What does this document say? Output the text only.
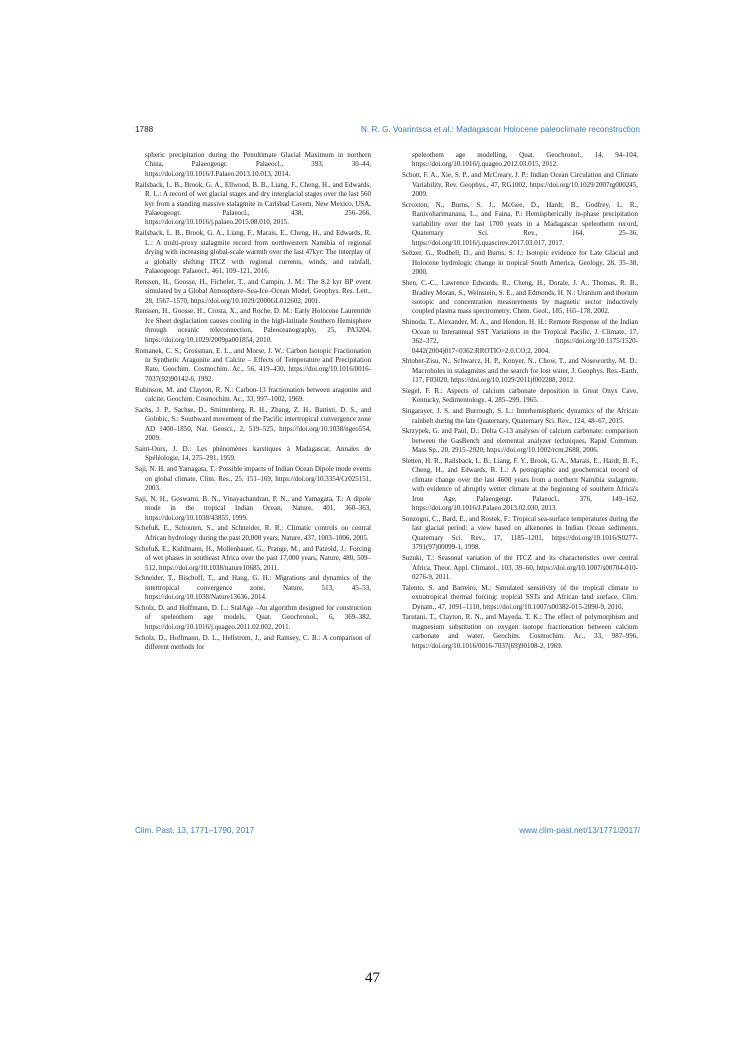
1788	N. R. G. Voarintsoa et al.: Madagascar Holocene paleoclimate reconstruction

spheric precipitation during the Penultimate Glacial Maximum in northern China, Palaeogeogr. Palaeocl., 393, 30–44, https://doi.org/10.1016/J.Palaeo.2013.10.013, 2014.

Railsback, L. B., Brook, G. A., Ellwood, B. B., Liang, F., Cheng, H., and Edwards, R. L.: A record of wet glacial stages and dry interglacial stages over the last 560 kyr from a standing massive stalagmite in Carlsbad Cavern, New Mexico, USA, Palaeogeogr. Palaeocl., 438, 256–266, https://doi.org/10.1016/j.palaeo.2015.08.010, 2015.

Railsback, L. B., Brook, G. A., Liang, F., Marais, E., Cheng, H., and Edwards, R. L.: A multi-proxy stalagmite record from northwestern Namibia of regional drying with increasing global-scale warmth over the last 47kyr: The interplay of a globally shifting ITCZ with regional currents, winds, and rainfall, Palaeogeogr. Palaeocl., 461, 109–121, 2016.

Renssen, H., Goosse, H., Fichefet, T., and Campin, J. M.: The 8.2 kyr BP event simulated by a Global Atmosphere–Sea-Ice–Ocean Model, Geophys. Res. Lett., 28, 1567–1570, https://doi.org/10.1029/2000GL012602, 2001.

Renssen, H., Goosse, H., Crosta, X., and Roche, D. M.: Early Holocene Laurentide Ice Sheet deglaciation causes cooling in the high-latitude Southern Hemisphere through oceanic teleconnection, Paleoceanography, 25, PA3204, https://doi.org/10.1029/2009pa001854, 2010.

Romanek, C. S., Grossman, E. L., and Morse, J. W.: Carbon Isotopic Fractionation in Synthetic Aragonite and Calcite – Effects of Temperature and Precipitation Rate, Geochim. Cosmochim. Ac., 56, 419–430, https://doi.org/10.1016/0016-7037(92)90142-6, 1992.

Rubinson, M. and Clayton, R. N.: Carbon-13 fractionation between aragonite and calcite, Geochim. Cosmochim. Ac., 33, 997–1002, 1969.

Sachs, J. P., Sachse, D., Smittenberg, R. H., Zhang, Z. H., Battisti, D. S., and Golubic, S.: Southward movement of the Pacific intertropical convergence zone AD 1400–1850, Nat. Geosci., 2, 519–525, https://doi.org/10.1038/ngeo554, 2009.

Saint-Ours, J. D.: Les phénomènes karstiques à Madagascar, Annales de Spéléologie, 14, 275–291, 1959.

Saji, N. H. and Yamagata, T.: Possible impacts of Indian Ocean Dipole mode events on global climate, Clim. Res., 25, 151–169, https://doi.org/10.3354/Cr025151, 2003.

Saji, N. H., Goswami, B. N., Vinayachandran, P. N., and Yamagata, T.: A dipole mode in the tropical Indian Ocean, Nature, 401, 360–363, https://doi.org/10.1038/43855, 1999.

Schefuß, E., Schouten, S., and Schneider, R. R.: Climatic controls on central African hydrology during the past 20,000 years, Nature, 437, 1003–1006, 2005.

Schefuß, E., Kuhlmann, H., Mollenhauer, G., Prange, M., and Patzold, J.: Forcing of wet phases in southeast Africa over the past 17,000 years, Nature, 480, 509–512, https://doi.org/10.1038/nature10685, 2011.

Schneider, T., Bischoff, T., and Haug, G. H.: Migrations and dynamics of the intertropical convergence zone, Nature, 513, 45–53, https://doi.org/10.1038/Nature13636, 2014.

Scholz, D. and Hoffmann, D. L.: StalAge –An algorithm designed for construction of speleothem age models, Quat. Geochronol., 6, 369–382, https://doi.org/10.1016/j.quageo.2011.02.002, 2011.

Scholz, D., Hoffmann, D. L., Hellstrom, J., and Ramsey, C. B.: A comparison of different methods for

speleothem age modelling, Quat. Geochronol., 14, 94–104, https://doi.org/10.1016/j.quageo.2012.03.015, 2012.

Schott, F. A., Xie, S. P., and McCreary, J. P.: Indian Ocean Circulation and Climate Variability, Rev. Geophys., 47, RG1002, https://doi.org/10.1029/2007rg000245, 2009.

Scroxton, N., Burns, S. J., McGee, D., Hardt, B., Godfrey, L. R., Ranivoharimanana, L., and Faina, P.: Hemispherically in-phase precipitation variability over the last 1700 years in a Madagascar speleothem record, Quaternary Sci. Rev., 164, 25–36, https://doi.org/10.1016/j.quascirev.2017.03.017, 2017.

Seltzer, G., Rodbell, D., and Burns, S. J.: Isotopic evidence for Late Glacial and Holocene hydrologic change in tropical South America, Geology, 28, 35–38, 2000.

Shen, C.-C., Lawrence Edwards, R., Cheng, H., Dorale, J. A., Thomas, R. B., Bradley Moran, S., Weinstein, S. E., and Edmonds, H. N.: Uranium and thorium isotopic and concentration measurements by magnetic sector inductively coupled plasma mass spectrometry, Chem. Geol., 185, 165–178, 2002.

Shinoda, T., Alexander, M. A., and Hendon, H. H.: Remote Response of the Indian Ocean to Interannual SST Variations in the Tropical Pacific, J. Climate, 17, 362–372, https://doi.org/10.1175/1520-0442(2004)017<0362:RROTIO>2.0.CO;2, 2004.

Shtober-Zisu, N., Schwarcz, H. P., Konyer, N., Chow, T., and Noseworthy, M. D.: Macroholes in stalagmites and the search for lost water, J. Geophys. Res.-Earth, 117, F03020, https://doi.org/10.1029/2011jf002288, 2012.

Siegel, F. R.: Aspects of calcium carbonate deposition in Great Onyx Cave, Kentucky, Sedimentology, 4, 285–299, 1965.

Singarayer, J. S. and Burrough, S. L.: Interhemispheric dynamics of the African rainbelt during the late Quaternary, Quaternary Sci. Rev., 124, 48–67, 2015.

Skrzypek, G. and Paul, D.: Delta C-13 analyses of calcium carbonate: comparison between the GasBench and elemental analyzer techniques, Rapid Commun. Mass Sp., 20, 2915–2920, https://doi.org/10.1002/rcm.2688, 2006.

Sletten, H. R., Railsback, L. B., Liang, F. Y., Brook, G. A., Marais, E., Hardt, B. F., Cheng, H., and Edwards, R. L.: A petrographic and geochemical record of climate change over the last 4600 years from a northern Namibia stalagmite, with evidence of abruptly wetter climate at the beginning of southern Africa's Iron Age, Palaeogeogr. Palaeocl., 376, 149–162, https://doi.org/10.1016/J.Palaeo.2013.02.030, 2013.

Sonzogni, C., Bard, E., and Rostek, F.: Tropical sea-surface temperatures during the last glacial period: a view based on alkenones in Indian Ocean sediments, Quaternary Sci. Rev., 17, 1185–1201, https://doi.org/10.1016/S0277-3791(97)00099-1, 1998.

Suzuki, T.: Seasonal variation of the ITCZ and its characteristics over central Africa, Theor. Appl. Climatol., 103, 39–60, https://doi.org/10.1007/s00704-010-0276-9, 2011.

Talento, S. and Barreiro, M.: Simulated sensitivity of the tropical climate to extratropical thermal forcing: tropical SSTs and African land surface, Clim. Dynam., 47, 1091–1110, https://doi.org/10.1007/s00382-015-2890-9, 2016.

Tarutani, T., Clayton, R. N., and Mayeda, T. K.: The effect of polymorphism and magnesium substitution on oxygen isotope fractionation between calcium carbonate and water, Geochim. Cosmochim. Ac., 33, 987–996, https://doi.org/10.1016/0016-7037(69)90108-2, 1969.

Clim. Past, 13, 1771–1790, 2017	www.clim-past.net/13/1771/2017/
47
